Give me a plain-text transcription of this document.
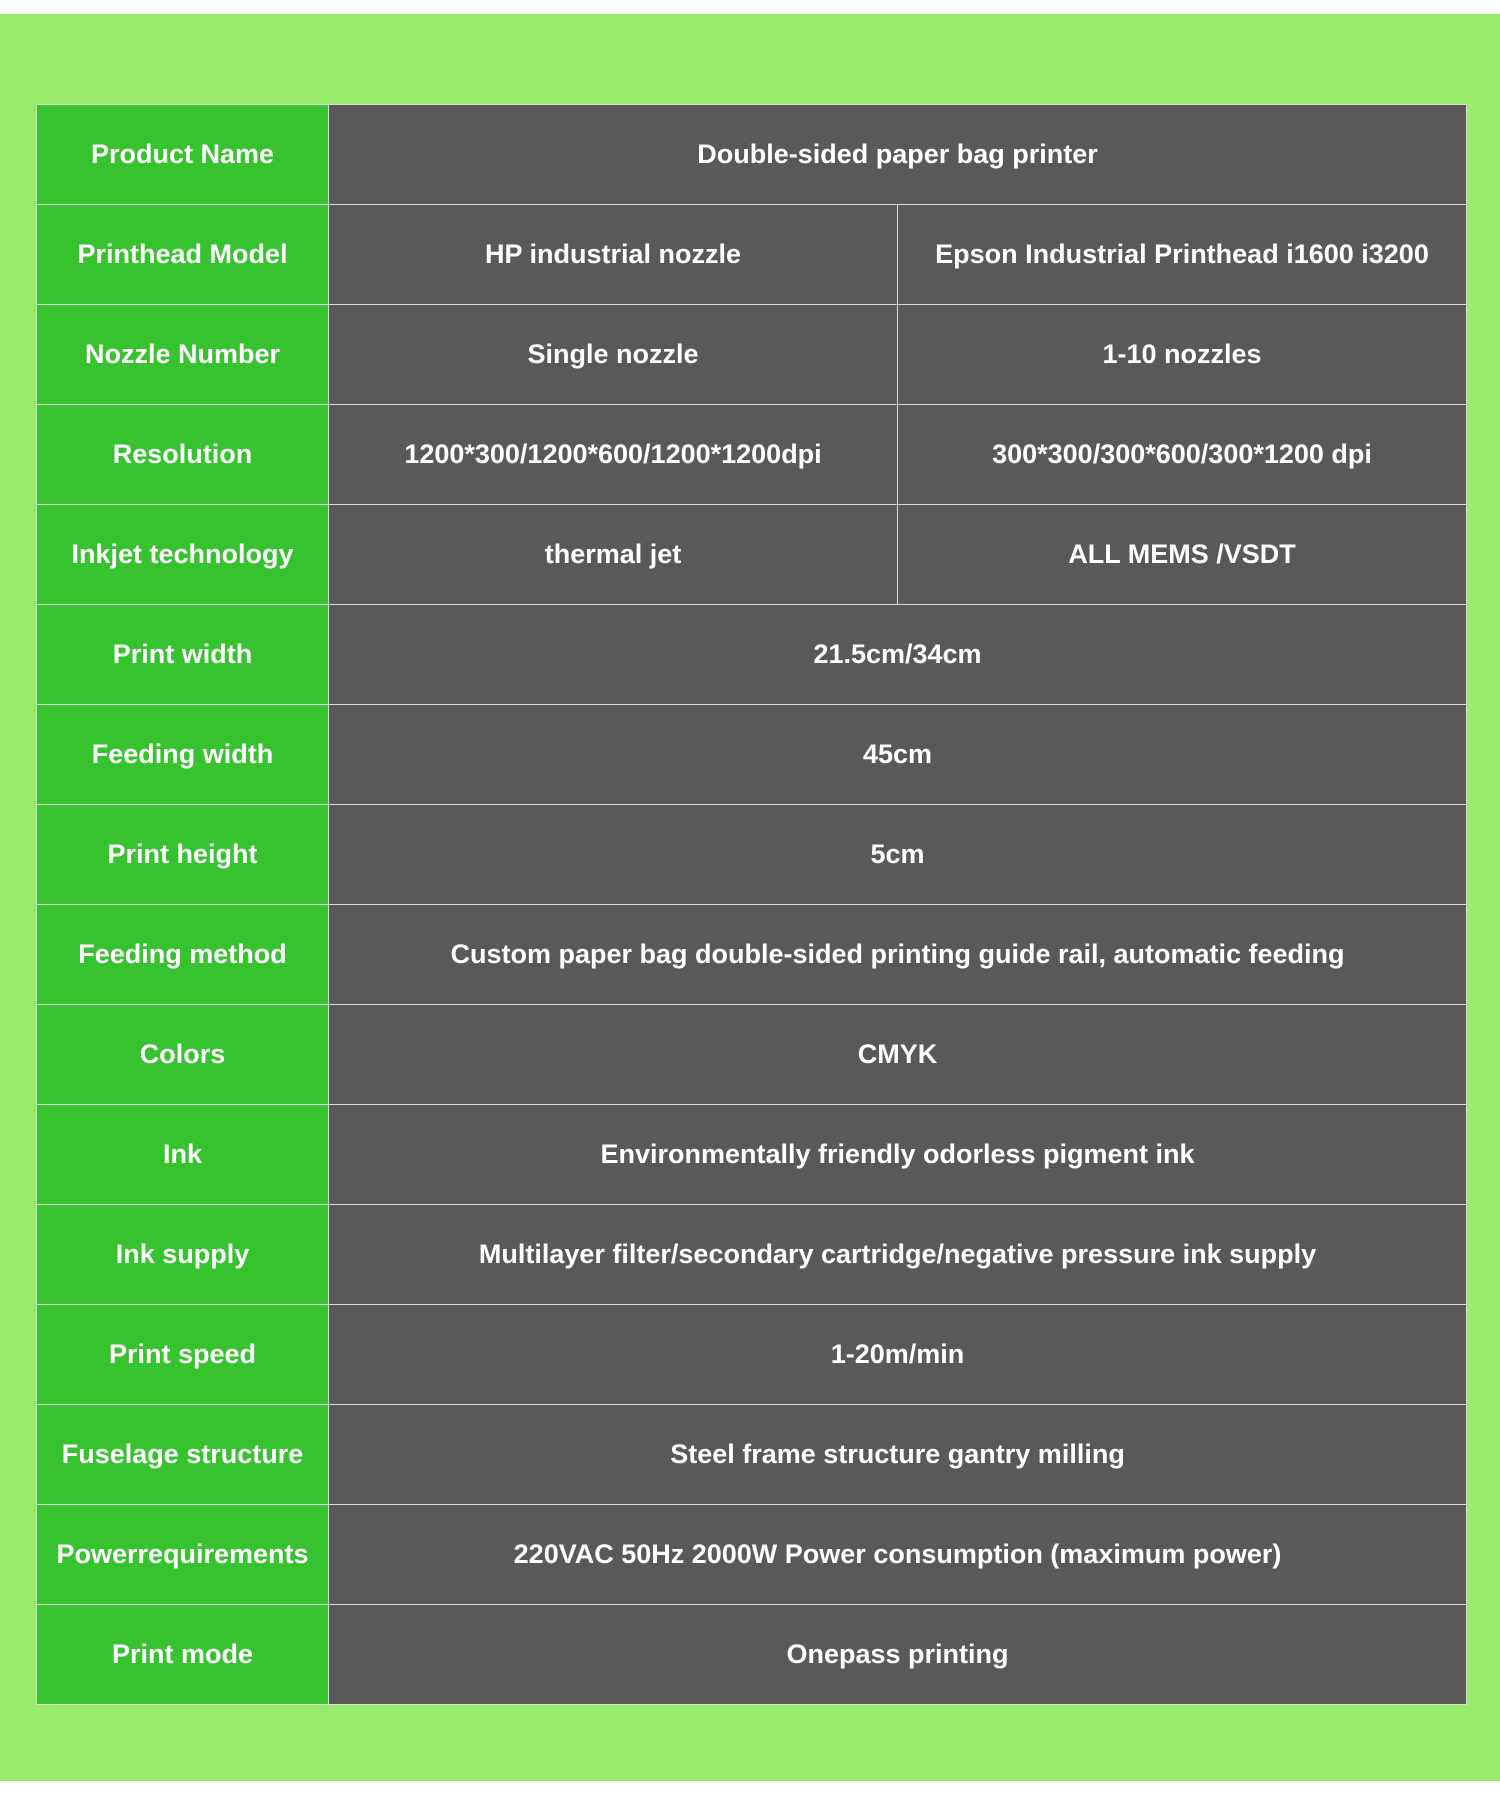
Product Name	Double-sided paper bag printer	
Printhead Model	HP industrial nozzle	Epson Industrial Printhead i1600 i3200
Nozzle Number	Single nozzle	1-10 nozzles
Resolution	1200*300/1200*600/1200*1200dpi	300*300/300*600/300*1200 dpi
Inkjet technology	thermal jet	ALL MEMS /VSDT
Print width	21.5cm/34cm	
Feeding width	45cm	
Print height	5cm	
Feeding method	Custom paper bag double-sided printing guide rail, automatic feeding	
Colors	CMYK	
Ink	Environmentally friendly odorless pigment ink	
Ink supply	Multilayer filter/secondary cartridge/negative pressure ink supply	
Print speed	1-20m/min	
Fuselage structure	Steel frame structure gantry milling	
Powerrequirements	220VAC 50Hz 2000W Power consumption (maximum power)	
Print mode	Onepass printing	
